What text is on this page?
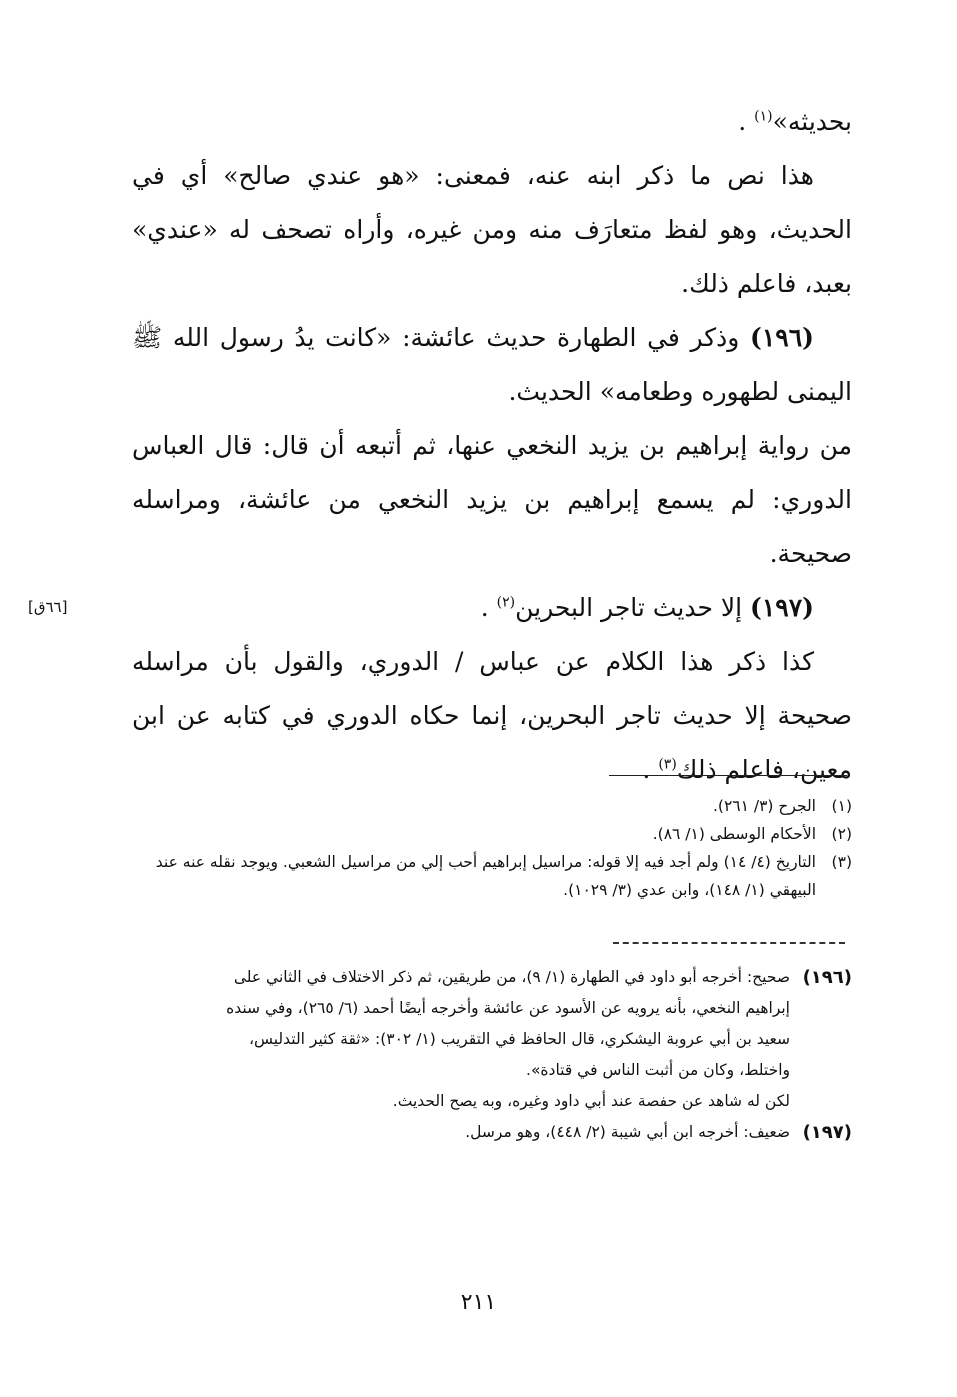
بحديثه»$^{(١)}$ .

هذا نص ما ذكر ابنه عنه، فمعنى: «هو عندي صالح» أي في الحديث، وهو لفظ متعارَف منه ومن غيره، وأراه تصحف له «عندي» بعبد، فاعلم ذلك.

(١٩٦) وذكر في الطهارة حديث عائشة: «كانت يدُ رسول الله ﷺ اليمنى لطهوره وطعامه» الحديث.

من رواية إبراهيم بن يزيد النخعي عنها، ثم أتبعه أن قال: قال العباس الدوري: لم يسمع إبراهيم بن يزيد النخعي من عائشة، ومراسله صحيحة.

(١٩٧) إلا حديث تاجر البحرين$^{(٢)}$ .

كذا ذكر هذا الكلام عن عباس / الدوري، والقول بأن مراسله صحيحة إلا حديث تاجر البحرين، إنما حكاه الدوري في كتابه عن ابن معين، فاعلم ذلك$^{(٣)}$ .

[٦٦ق]
(١)
الجرح (٣/ ٢٦١).
(٢)
الأحكام الوسطى (١/ ٨٦).
(٣)
التاريخ (٤/ ١٤) ولم أجد فيه إلا قوله: مراسيل إبراهيم أحب إلي من مراسيل الشعبي. ويوجد نقله عنه عند البيهقي (١/ ١٤٨)، وابن عدي (٣/ ١٠٢٩).
(١٩٦)
صحيح: أخرجه أبو داود في الطهارة (١/ ٩)، من طريقين، ثم ذكر الاختلاف في الثاني على
إبراهيم النخعي، بأنه يرويه عن الأسود عن عائشة وأخرجه أيضًا أحمد (٦/ ٢٦٥)، وفي سنده
سعيد بن أبي عروبة اليشكري، قال الحافظ في التقريب (١/ ٣٠٢): «ثقة كثير التدليس،
واختلط، وكان من أثبت الناس في قتادة».
لكن له شاهد عن حفصة عند أبي داود وغيره، وبه يصح الحديث.
(١٩٧)
ضعيف: أخرجه ابن أبي شيبة (٢/ ٤٤٨)، وهو مرسل.
٢١١
